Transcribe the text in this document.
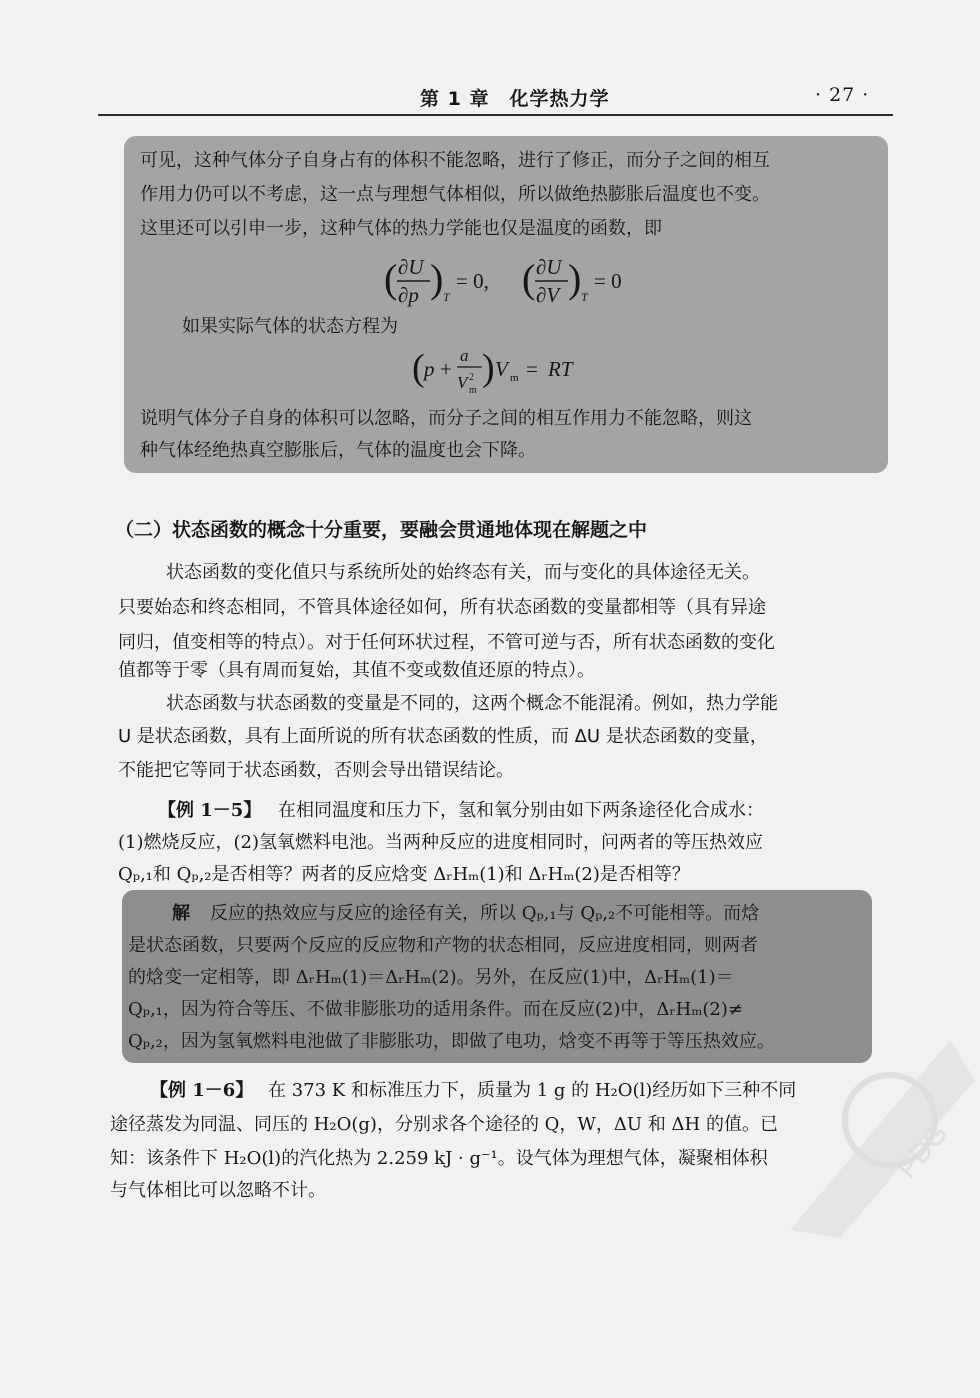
第 1 章　化学热力学	· 27 ·
可见，这种气体分子自身占有的体积不能忽略，进行了修正，而分子之间的相互
作用力仍可以不考虑，这一点与理想气体相似，所以做绝热膨胀后温度也不变。
这里还可以引申一步，这种气体的热力学能也仅是温度的函数，即
( ∂U
∂p ) T
= 0, ( ∂U
∂V ) T
= 0
如果实际气体的状态方程为
( p +
a
V 2
m
) V m = RT
说明气体分子自身的体积可以忽略，而分子之间的相互作用力不能忽略，则这
种气体经绝热真空膨胀后，气体的温度也会下降。
（二）状态函数的概念十分重要，要融会贯通地体现在解题之中
状态函数的变化值只与系统所处的始终态有关，而与变化的具体途径无关。
只要始态和终态相同，不管具体途径如何，所有状态函数的变量都相等（具有异途
同归，值变相等的特点）。对于任何环状过程，不管可逆与否，所有状态函数的变化
值都等于零（具有周而复始，其值不变或数值还原的特点）。
状态函数与状态函数的变量是不同的，这两个概念不能混淆。例如，热力学能
U 是状态函数，具有上面所说的所有状态函数的性质，而 ΔU 是状态函数的变量，
不能把它等同于状态函数，否则会导出错误结论。
【例 1－5】 在相同温度和压力下，氢和氧分别由如下两条途径化合成水：
(1)燃烧反应，(2)氢氧燃料电池。当两种反应的进度相同时，问两者的等压热效应
Qₚ,₁和 Qₚ,₂是否相等？两者的反应焓变 ΔᵣHₘ(1)和 ΔᵣHₘ(2)是否相等？
解 反应的热效应与反应的途径有关，所以 Qₚ,₁与 Qₚ,₂不可能相等。而焓
是状态函数，只要两个反应的反应物和产物的状态相同，反应进度相同，则两者
的焓变一定相等，即 ΔᵣHₘ(1)＝ΔᵣHₘ(2)。另外，在反应(1)中，ΔᵣHₘ(1)＝
Qₚ,₁，因为符合等压、不做非膨胀功的适用条件。而在反应(2)中，ΔᵣHₘ(2)≠
Qₚ,₂，因为氢氧燃料电池做了非膨胀功，即做了电功，焓变不再等于等压热效应。
【例 1－6】 在 373 K 和标准压力下，质量为 1 g 的 H₂O(l)经历如下三种不同
途径蒸发为同温、同压的 H₂O(g)，分别求各个途径的 Q，W，ΔU 和 ΔH 的值。已
知：该条件下 H₂O(l)的汽化热为 2.259 kJ · g⁻¹。设气体为理想气体，凝聚相体积
与气体相比可以忽略不计。
PDG
